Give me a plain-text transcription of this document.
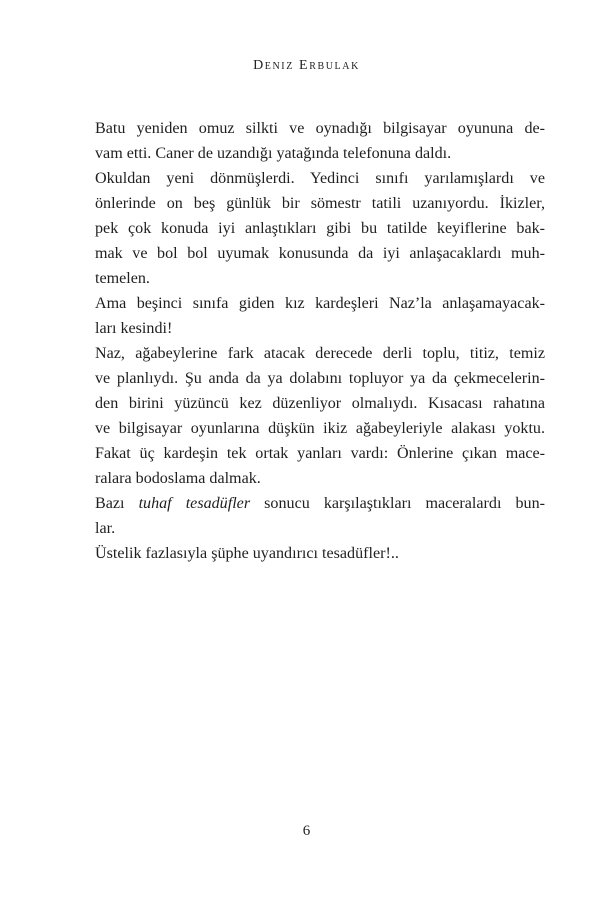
Deniz Erbulak
Batu yeniden omuz silkti ve oynadığı bilgisayar oyununa de-
vam etti. Caner de uzandığı yatağında telefonuna daldı.
Okuldan yeni dönmüşlerdi. Yedinci sınıfı yarılamışlardı ve
önlerinde on beş günlük bir sömestr tatili uzanıyordu. İkizler,
pek çok konuda iyi anlaştıkları gibi bu tatilde keyiflerine bak-
mak ve bol bol uyumak konusunda da iyi anlaşacaklardı muh-
temelen.
Ama beşinci sınıfa giden kız kardeşleri Naz’la anlaşamayacak-
ları kesindi!
Naz, ağabeylerine fark atacak derecede derli toplu, titiz, temiz
ve planlıydı. Şu anda da ya dolabını topluyor ya da çekmecelerin-
den birini yüzüncü kez düzenliyor olmalıydı. Kısacası rahatına
ve bilgisayar oyunlarına düşkün ikiz ağabeyleriyle alakası yoktu.
Fakat üç kardeşin tek ortak yanları vardı: Önlerine çıkan mace-
ralara bodoslama dalmak.
Bazı tuhaf tesadüfler sonucu karşılaştıkları maceralardı bun-
lar.
Üstelik fazlasıyla şüphe uyandırıcı tesadüfler!..
6
